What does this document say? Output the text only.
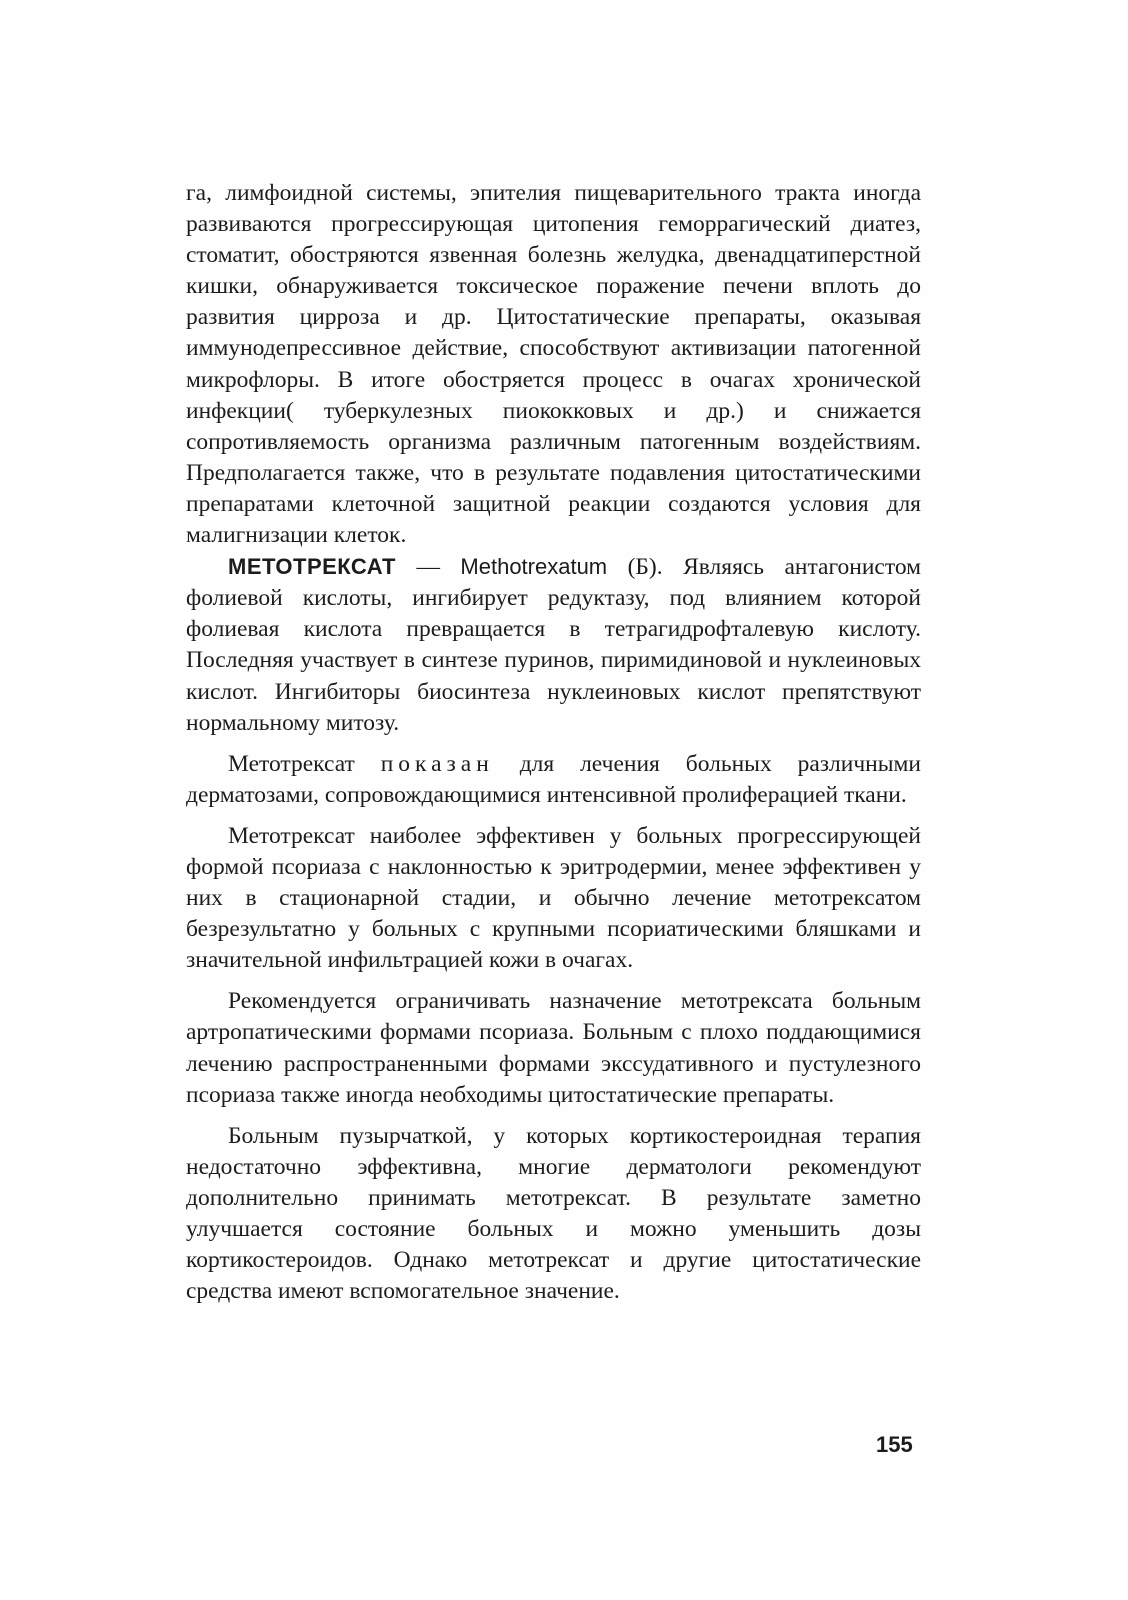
га, лимфоидной системы, эпителия пищеварительного тракта иногда развиваются прогрессирующая цитопения геморрагический диатез, стоматит, обостряются язвенная болезнь желудка, двенадцатиперстной кишки, обнаруживается токсическое поражение печени вплоть до развития цирроза и др. Цитостатические препараты, оказывая иммунодепрессивное действие, способствуют активизации патогенной микрофлоры. В итоге обостряется процесс в очагах хронической инфекции( туберкулезных пиококковых и др.) и снижается сопротивляемость организма различным патогенным воздействиям. Предполагается также, что в результате подавления цитостатическими препаратами клеточной защитной реакции создаются условия для малигнизации клеток.

МЕТОТРЕКСАТ — Methotrexatum (Б). Являясь антагонистом фолиевой кислоты, ингибирует редуктазу, под влиянием которой фолиевая кислота превращается в тетрагидрофталевую кислоту. Последняя участвует в синтезе пуринов, пиримидиновой и нуклеиновых кислот. Ингибиторы биосинтеза нуклеиновых кислот препятствуют нормальному митозу.

Метотрексат показан для лечения больных различными дерматозами, сопровождающимися интенсивной пролиферацией ткани.

Метотрексат наиболее эффективен у больных прогрессирующей формой псориаза с наклонностью к эритродермии, менее эффективен у них в стационарной стадии, и обычно лечение метотрексатом безрезультатно у больных с крупными псориатическими бляшками и значительной инфильтрацией кожи в очагах.

Рекомендуется ограничивать назначение метотрексата больным артропатическими формами псориаза. Больным с плохо поддающимися лечению распространенными формами экссудативного и пустулезного псориаза также иногда необходимы цитостатические препараты.

Больным пузырчаткой, у которых кортикостероидная терапия недостаточно эффективна, многие дерматологи рекомендуют дополнительно принимать метотрексат. В результате заметно улучшается состояние больных и можно уменьшить дозы кортикостероидов. Однако метотрексат и другие цитостатические средства имеют вспомогательное значение.

155
